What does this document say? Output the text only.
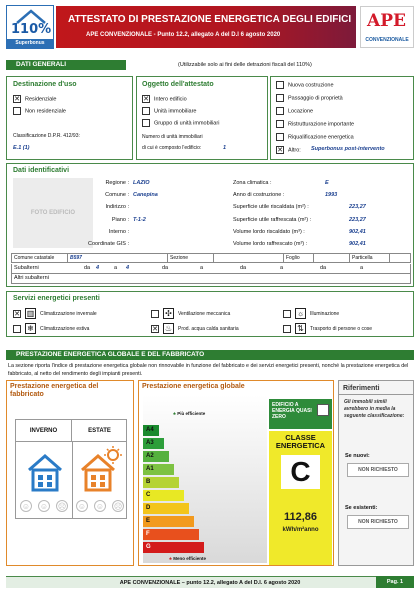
110%
Superbonus
ATTESTATO DI PRESTAZIONE ENERGETICA DEGLI EDIFICI
APE CONVENZIONALE - Punto 12.2, allegato A del D.I 6 agosto 2020
APE
CONVENZIONALE
DATI GENERALI	(Utilizzabile solo ai fini delle detrazioni fiscali del 110%)
Destinazione d'uso
✕ Residenziale
Non residenziale
Classificazione D.P.R. 412/93:
E.1 (1)
Oggetto dell'attestato
✕ Intero edificio
Unità immobiliare
Gruppo di unità immobiliari
Numero di unità immobiliari
di cui è composto l'edificio:	1
Nuova costruzione
Passaggio di proprietà
Locazione
Ristrutturazione importante
Riqualificazione energetica
✕ Altro: Superbonus post-intervento
Dati identificativi
FOTO EDIFICIO
Regione : LAZIO
Comune : Canepina
Indirizzo :
Piano : T-1-2
Interno :
Coordinate GIS :
Zona climatica :	E
Anno di costruzione :	1993
Superficie utile riscaldata (m²) :	223,27
Superficie utile raffrescata (m²) :	223,27
Volume lordo riscaldato (m³) :	902,41
Volume lordo raffrescato (m³) :	902,41
Comune catastale	B597	Sezione		Foglio		Particella	
Subalterni	da 4	a 4	da	a	da	a	da	a
Altri subalterni
Servizi energetici presenti
✕ ▥	Climatizzazione invernale	✣	Ventilazione meccanica	☼	Illuminazione
❄	Climatizzazione estiva	✕ ♨	Prod. acqua calda sanitaria	⇅	Trasporto di persone o cose
PRESTAZIONE ENERGETICA GLOBALE E DEL FABBRICATO
La sezione riporta l'indice di prestazione energetica globale non rinnovabile in funzione del fabbricato e dei servizi energetici presenti, nonché la prestazione energetica del fabbricato, al netto del rendimento degli impianti presenti.
Prestazione energetica del fabbricato
INVERNO	ESTATE
☺ ☺ ☹ ☺ ☺ ☹
Prestazione energetica globale
♣ Più efficiente
A4
A3
A2
A1
B
C
D
E
F
G
♣ Meno efficiente
EDIFICIO A ENERGIA QUASI ZERO
CLASSE ENERGETICA
C
112,86
kWh/m²anno
Riferimenti
Gli immobili simili avrebbero in media la seguente classificazione:
Se nuovi:
NON RICHIESTO
Se esistenti:
NON RICHIESTO
APE CONVENZIONALE – punto 12.2, allegato A del D.I. 6 agosto 2020	Pag. 1
